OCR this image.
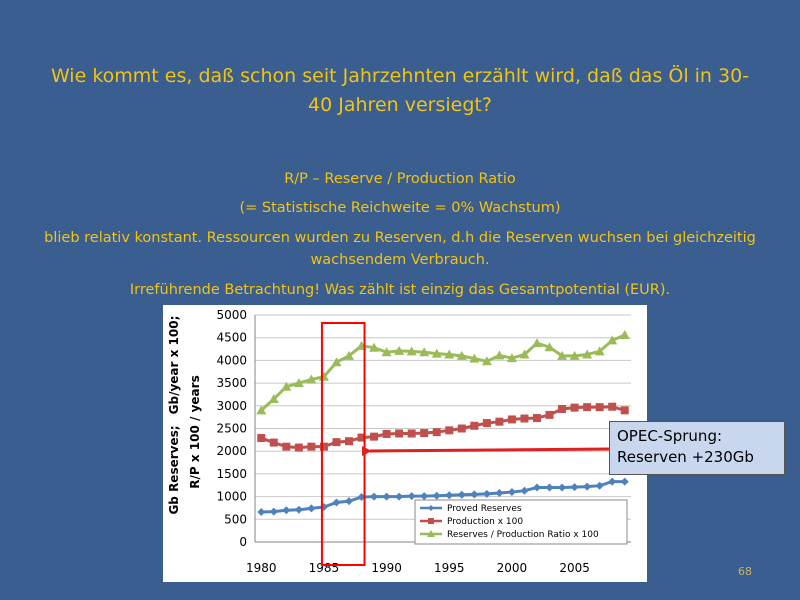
Wie kommt es, daß schon seit Jahrzehnten erzählt wird, daß das Öl in 30-40 Jahren versiegt?
R/P – Reserve / Production Ratio
(= Statistische Reichweite = 0% Wachstum)
blieb relativ konstant. Ressourcen wurden zu Reserven, d.h die Reserven wuchsen bei gleichzeitig wachsendem Verbrauch.
Irreführende Betrachtung! Was zählt ist einzig das Gesamtpotential (EUR).
0
500
1000
1500
2000
2500
3000
3500
4000
4500
5000
1980	1985	1990	1995	2000	2005
Gb Reserves;
Gb/year x 100;
R/P x 100 / years
Proved Reserves
Production x 100
Reserves / Production Ratio x 100
OPEC-Sprung:
Reserven +230Gb
68
